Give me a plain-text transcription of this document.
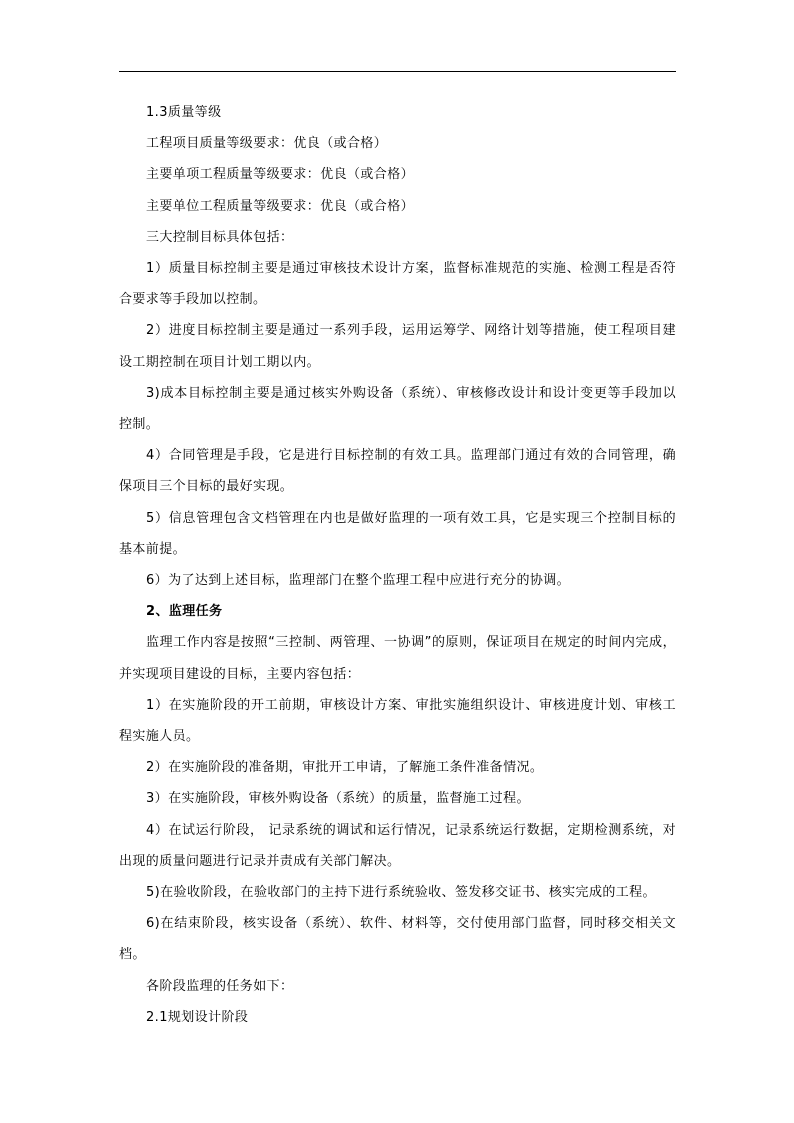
1.3质量等级

工程项目质量等级要求：优良（或合格）

主要单项工程质量等级要求：优良（或合格）

主要单位工程质量等级要求：优良（或合格）

三大控制目标具体包括：

1）质量目标控制主要是通过审核技术设计方案，监督标准规范的实施、检测工程是否符合要求等手段加以控制。

2）进度目标控制主要是通过一系列手段，运用运筹学、网络计划等措施，使工程项目建设工期控制在项目计划工期以内。

3)成本目标控制主要是通过核实外购设备（系统）、审核修改设计和设计变更等手段加以控制。

4）合同管理是手段，它是进行目标控制的有效工具。监理部门通过有效的合同管理，确保项目三个目标的最好实现。

5）信息管理包含文档管理在内也是做好监理的一项有效工具，它是实现三个控制目标的基本前提。

6）为了达到上述目标，监理部门在整个监理工程中应进行充分的协调。

2、监理任务

监理工作内容是按照“三控制、两管理、一协调”的原则，保证项目在规定的时间内完成，并实现项目建设的目标，主要内容包括：

1）在实施阶段的开工前期，审核设计方案、审批实施组织设计、审核进度计划、审核工程实施人员。

2）在实施阶段的准备期，审批开工申请，了解施工条件准备情况。

3）在实施阶段，审核外购设备（系统）的质量，监督施工过程。

4）在试运行阶段， 记录系统的调试和运行情况，记录系统运行数据，定期检测系统，对出现的质量问题进行记录并责成有关部门解决。

5)在验收阶段，在验收部门的主持下进行系统验收、签发移交证书、核实完成的工程。

6)在结束阶段，核实设备（系统）、软件、材料等，交付使用部门监督，同时移交相关文档。

各阶段监理的任务如下：

2.1规划设计阶段
